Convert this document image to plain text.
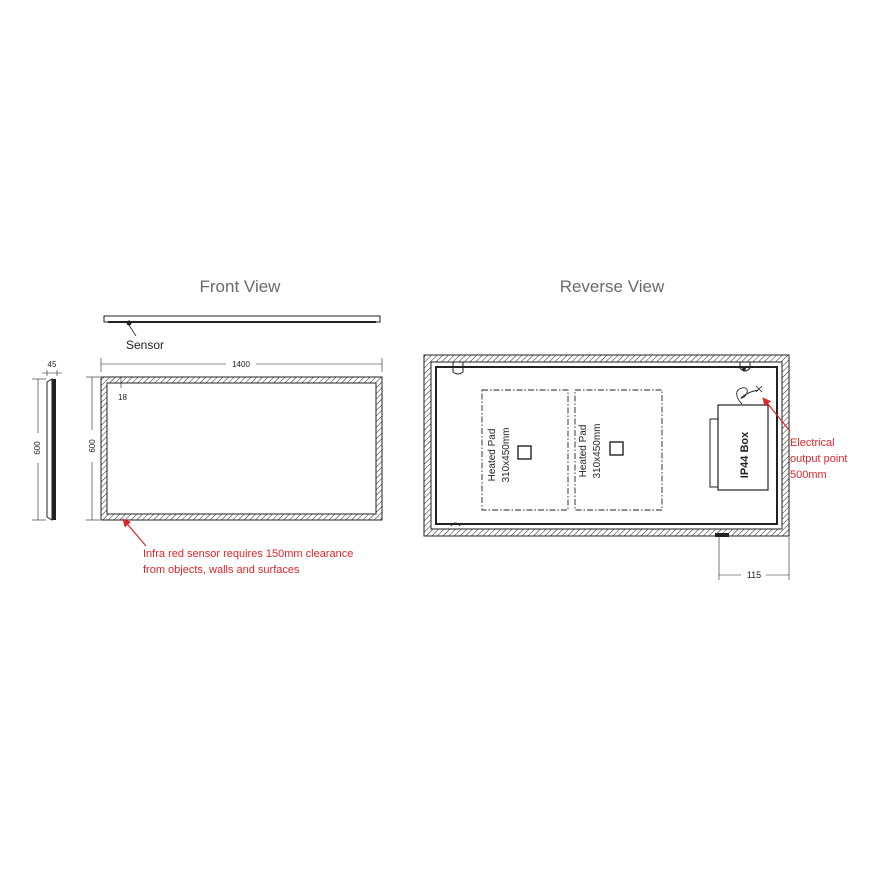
Front View
Sensor
1400
18
600
45
600
Infra red sensor requires 150mm clearance
from objects, walls and surfaces
Reverse View
Heated Pad 310x450mm	Heated Pad 310x450mm	IP44 Box	Electrical
output point
500mm
115
